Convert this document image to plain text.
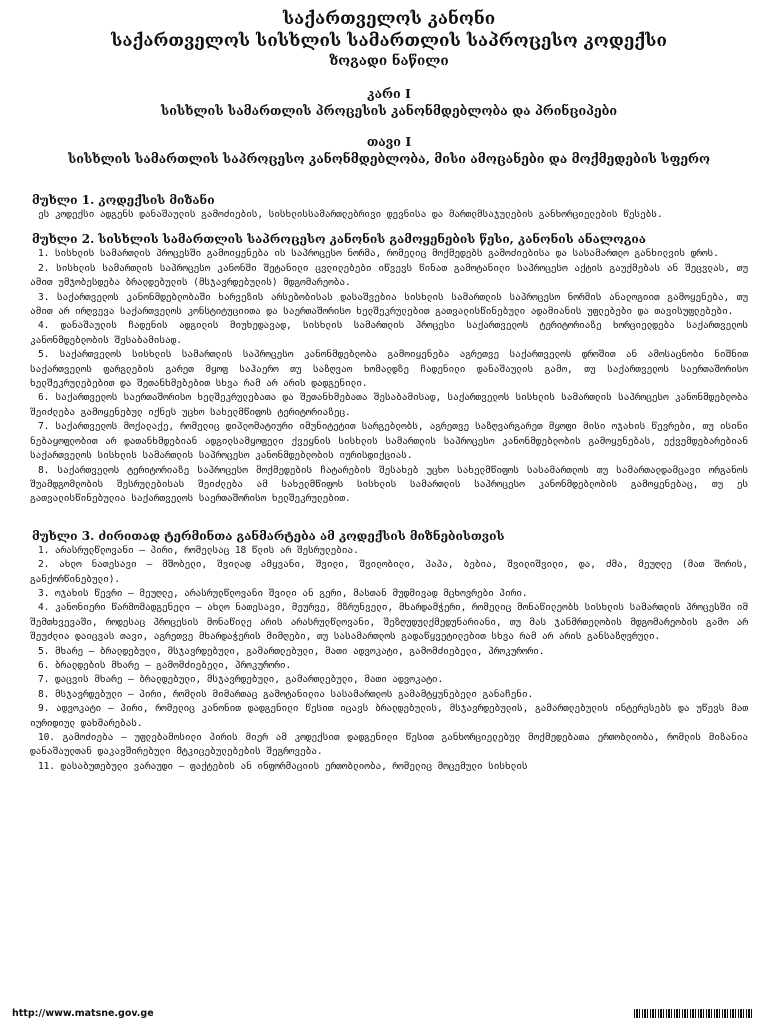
საქართველოს კანონი
საქართველოს სისხლის სამართლის საპროცესო კოდექსი
ზოგადი ნაწილი
კარი I
სისხლის სამართლის პროცესის კანონმდებლობა და პრინციპები
თავი I
სისხლის სამართლის საპროცესო კანონმდებლობა, მისი ამოცანები და მოქმედების სფერო
მუხლი 1. კოდექსის მიზანი

ეს კოდექსი ადგენს დანაშაულის გამოძიების, სისხლისსამართლებრივი დევნისა და მართლმსაჯულების განხორციელების წესებს.

მუხლი 2. სისხლის სამართლის საპროცესო კანონის გამოყენების წესი, კანონის ანალოგია

1. სისხლის სამართლის პროცესში გამოიყენება ის საპროცესო ნორმა, რომელიც მოქმედებს გამოძიებისა და სასამართლო განხილვის დროს.

2. სისხლის სამართლის საპროცესო კანონში შეტანილი ცვლილებები იწვევს წინათ გამოტანილი საპროცესო აქტის გაუქმებას ან შეცვლას, თუ ამით უმჯობესდება ბრალდებულის (მსჯავრდებულის) მდგომარეობა.

3. საქართველოს კანონმდებლობაში ხარვეზის არსებობისას დასაშვებია სისხლის სამართლის საპროცესო ნორმის ანალოგიით გამოყენება, თუ ამით არ ირღვევა საქართველოს კონსტიტუციითა და საერთაშორისო ხელშეკრულებით გათვალისწინებული ადამიანის უფლებები და თავისუფლებები.

4. დანაშაულის ჩადენის ადგილის მიუხედავად, სისხლის სამართლის პროცესი საქართველოს ტერიტორიაზე ხორციელდება საქართველოს კანონმდებლობის შესაბამისად.

5. საქართველოს სისხლის სამართლის საპროცესო კანონმდებლობა გამოიყენება აგრეთვე საქართველოს დროშით ან ამოსაცნობი ნიშნით საქართველოს ფარგლების გარეთ მყოფ საჰაერო თუ საზღვაო ხომალდზე ჩადენილი დანაშაულის გამო, თუ საქართველოს საერთაშორისო ხელშეკრულებებით და შეთანხმებებით სხვა რამ არ არის დადგენილი.

6. საქართველოს საერთაშორისო ხელშეკრულებათა და შეთანხმებათა შესაბამისად, საქართველოს სისხლის სამართლის საპროცესო კანონმდებლობა შეიძლება გამოყენებულ იქნეს უცხო სახელმწიფოს ტერიტორიაზეც.

7. საქართველოს მოქალაქე, რომელიც დიპლომატიური იმუნიტეტით სარგებლობს, აგრეთვე საზღვარგარეთ მყოფი მისი ოჯახის წევრები, თუ ისინი ნებაყოფლობით არ დათანხმდებიან ადგილსამყოფელი ქვეყნის სისხლის სამართლის საპროცესო კანონმდებლობის გამოყენებას, ექვემდებარებიან საქართველოს სისხლის სამართლის საპროცესო კანონმდებლობის იურისდიქციას.

8. საქართველოს ტერიტორიაზე საპროცესო მოქმედების ჩატარების შესახებ უცხო სახელმწიფოს სასამართლოს თუ სამართალდამცავი ორგანოს შუამდგომლობის შესრულებისას შეიძლება ამ სახელმწიფოს სისხლის სამართლის საპროცესო კანონმდებლობის გამოყენებაც, თუ ეს გათვალისწინებულია საქართველოს საერთაშორისო ხელშეკრულებით.

მუხლი 3. ძირითად ტერმინთა განმარტება ამ კოდექსის მიზნებისთვის

1. არასრულწლოვანი – პირი, რომელსაც 18 წლის არ შესრულებია.

2. ახლო ნათესავი – მშობელი, შვილად ამყვანი, შვილი, შვილობილი, პაპა, ბებია, შვილიშვილი, და, ძმა, მეუღლე (მათ შორის, განქორწინებული).

3. ოჯახის წევრი – მეუღლე, არასრულწლოვანი შვილი ან გერი, მასთან მუდმივად მცხოვრები პირი.

4. კანონიერი წარმომადგენელი – ახლო ნათესავი, მეურვე, მზრუნველი, მხარდამჭერი, რომელიც მონაწილეობს სისხლის სამართლის პროცესში იმ შემთხვევაში, როდესაც პროცესის მონაწილე არის არასრულწლოვანი, შეზღუდულქმედუნარიანი, თუ მას ჯანმრთელობის მდგომარეობის გამო არ შეუძლია დაიცვას თავი, აგრეთვე მხარდაჭერის მიმღები, თუ სასამართლოს გადაწყვეტილებით სხვა რამ არ არის განსაზღვრული.

5. მხარე – ბრალდებული, მსჯავრდებული, გამართლებული, მათი ადვოკატი, გამომძიებელი, პროკურორი.

6. ბრალდების მხარე – გამომძიებელი, პროკურორი.

7. დაცვის მხარე – ბრალდებული, მსჯავრდებული, გამართლებული, მათი ადვოკატი.

8. მსჯავრდებული – პირი, რომლის მიმართაც გამოტანილია სასამართლოს გამამტყუნებელი განაჩენი.

9. ადვოკატი – პირი, რომელიც კანონით დადგენილი წესით იცავს ბრალდებულის, მსჯავრდებულის, გამართლებულის ინტერესებს და უწევს მათ იურიდიულ დახმარებას.

10. გამოძიება – უფლებამოსილი პირის მიერ ამ კოდექსით დადგენილი წესით განხორციელებულ მოქმედებათა ერთობლიობა, რომლის მიზანია დანაშაულთან დაკავშირებული მტკიცებულებების შეგროვება.

11. დასაბუთებული ვარაუდი – ფაქტების ან ინფორმაციის ერთობლიობა, რომელიც მოცემული სისხლის

http://www.matsne.gov.ge
